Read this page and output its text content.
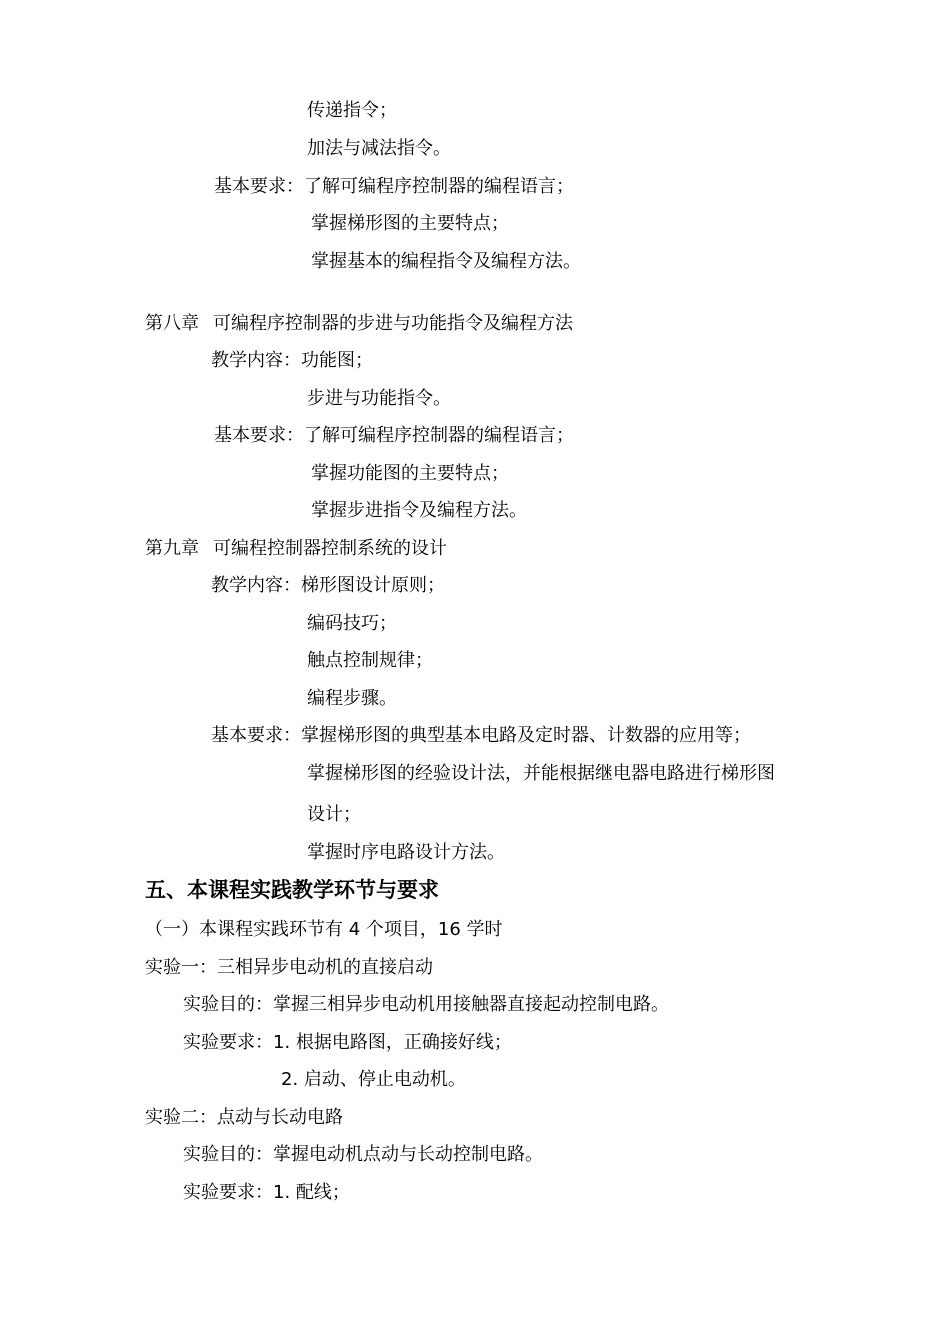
传递指令；
加法与减法指令。
基本要求：了解可编程序控制器的编程语言；
掌握梯形图的主要特点；
掌握基本的编程指令及编程方法。
第八章 可编程序控制器的步进与功能指令及编程方法
教学内容：功能图；
步进与功能指令。
基本要求：了解可编程序控制器的编程语言；
掌握功能图的主要特点；
掌握步进指令及编程方法。
第九章 可编程控制器控制系统的设计
教学内容：梯形图设计原则；
编码技巧；
触点控制规律；
编程步骤。
基本要求：掌握梯形图的典型基本电路及定时器、计数器的应用等；
掌握梯形图的经验设计法，并能根据继电器电路进行梯形图
设计；
掌握时序电路设计方法。
五、本课程实践教学环节与要求
（一）本课程实践环节有 4 个项目，16 学时
实验一：三相异步电动机的直接启动
实验目的：掌握三相异步电动机用接触器直接起动控制电路。
实验要求：1. 根据电路图，正确接好线；
2. 启动、停止电动机。
实验二：点动与长动电路
实验目的：掌握电动机点动与长动控制电路。
实验要求：1. 配线；
